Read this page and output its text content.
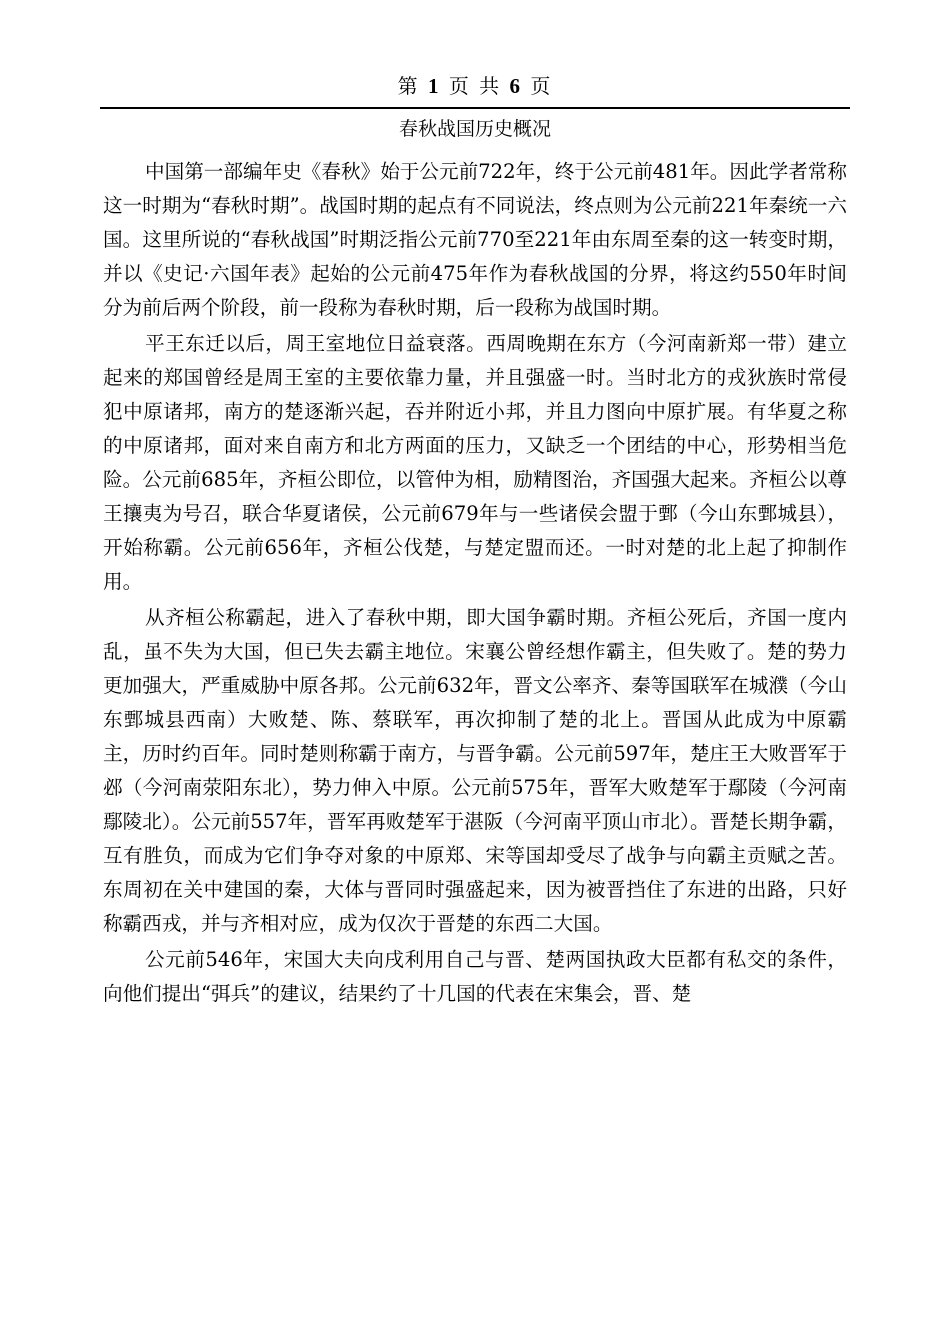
第 1 页 共 6 页
春秋战国历史概况

中国第一部编年史《春秋》始于公元前722年，终于公元前481年。因此学者常称这一时期为“春秋时期”。战国时期的起点有不同说法，终点则为公元前221年秦统一六国。这里所说的“春秋战国”时期泛指公元前770至221年由东周至秦的这一转变时期，并以《史记·六国年表》起始的公元前475年作为春秋战国的分界，将这约550年时间分为前后两个阶段，前一段称为春秋时期，后一段称为战国时期。

平王东迁以后，周王室地位日益衰落。西周晚期在东方（今河南新郑一带）建立起来的郑国曾经是周王室的主要依靠力量，并且强盛一时。当时北方的戎狄族时常侵犯中原诸邦，南方的楚逐渐兴起，吞并附近小邦，并且力图向中原扩展。有华夏之称的中原诸邦，面对来自南方和北方两面的压力，又缺乏一个团结的中心，形势相当危险。公元前685年，齐桓公即位，以管仲为相，励精图治，齐国强大起来。齐桓公以尊王攘夷为号召，联合华夏诸侯，公元前679年与一些诸侯会盟于鄄（今山东鄄城县），开始称霸。公元前656年，齐桓公伐楚，与楚定盟而还。一时对楚的北上起了抑制作用。

从齐桓公称霸起，进入了春秋中期，即大国争霸时期。齐桓公死后，齐国一度内乱，虽不失为大国，但已失去霸主地位。宋襄公曾经想作霸主，但失败了。楚的势力更加强大，严重威胁中原各邦。公元前632年，晋文公率齐、秦等国联军在城濮（今山东鄄城县西南）大败楚、陈、蔡联军，再次抑制了楚的北上。晋国从此成为中原霸主，历时约百年。同时楚则称霸于南方，与晋争霸。公元前597年，楚庄王大败晋军于邲（今河南荥阳东北），势力伸入中原。公元前575年，晋军大败楚军于鄢陵（今河南鄢陵北）。公元前557年，晋军再败楚军于湛阪（今河南平顶山市北）。晋楚长期争霸，互有胜负，而成为它们争夺对象的中原郑、宋等国却受尽了战争与向霸主贡赋之苦。东周初在关中建国的秦，大体与晋同时强盛起来，因为被晋挡住了东进的出路，只好称霸西戎，并与齐相对应，成为仅次于晋楚的东西二大国。

公元前546年，宋国大夫向戌利用自己与晋、楚两国执政大臣都有私交的条件，向他们提出“弭兵”的建议，结果约了十几国的代表在宋集会，晋、楚
